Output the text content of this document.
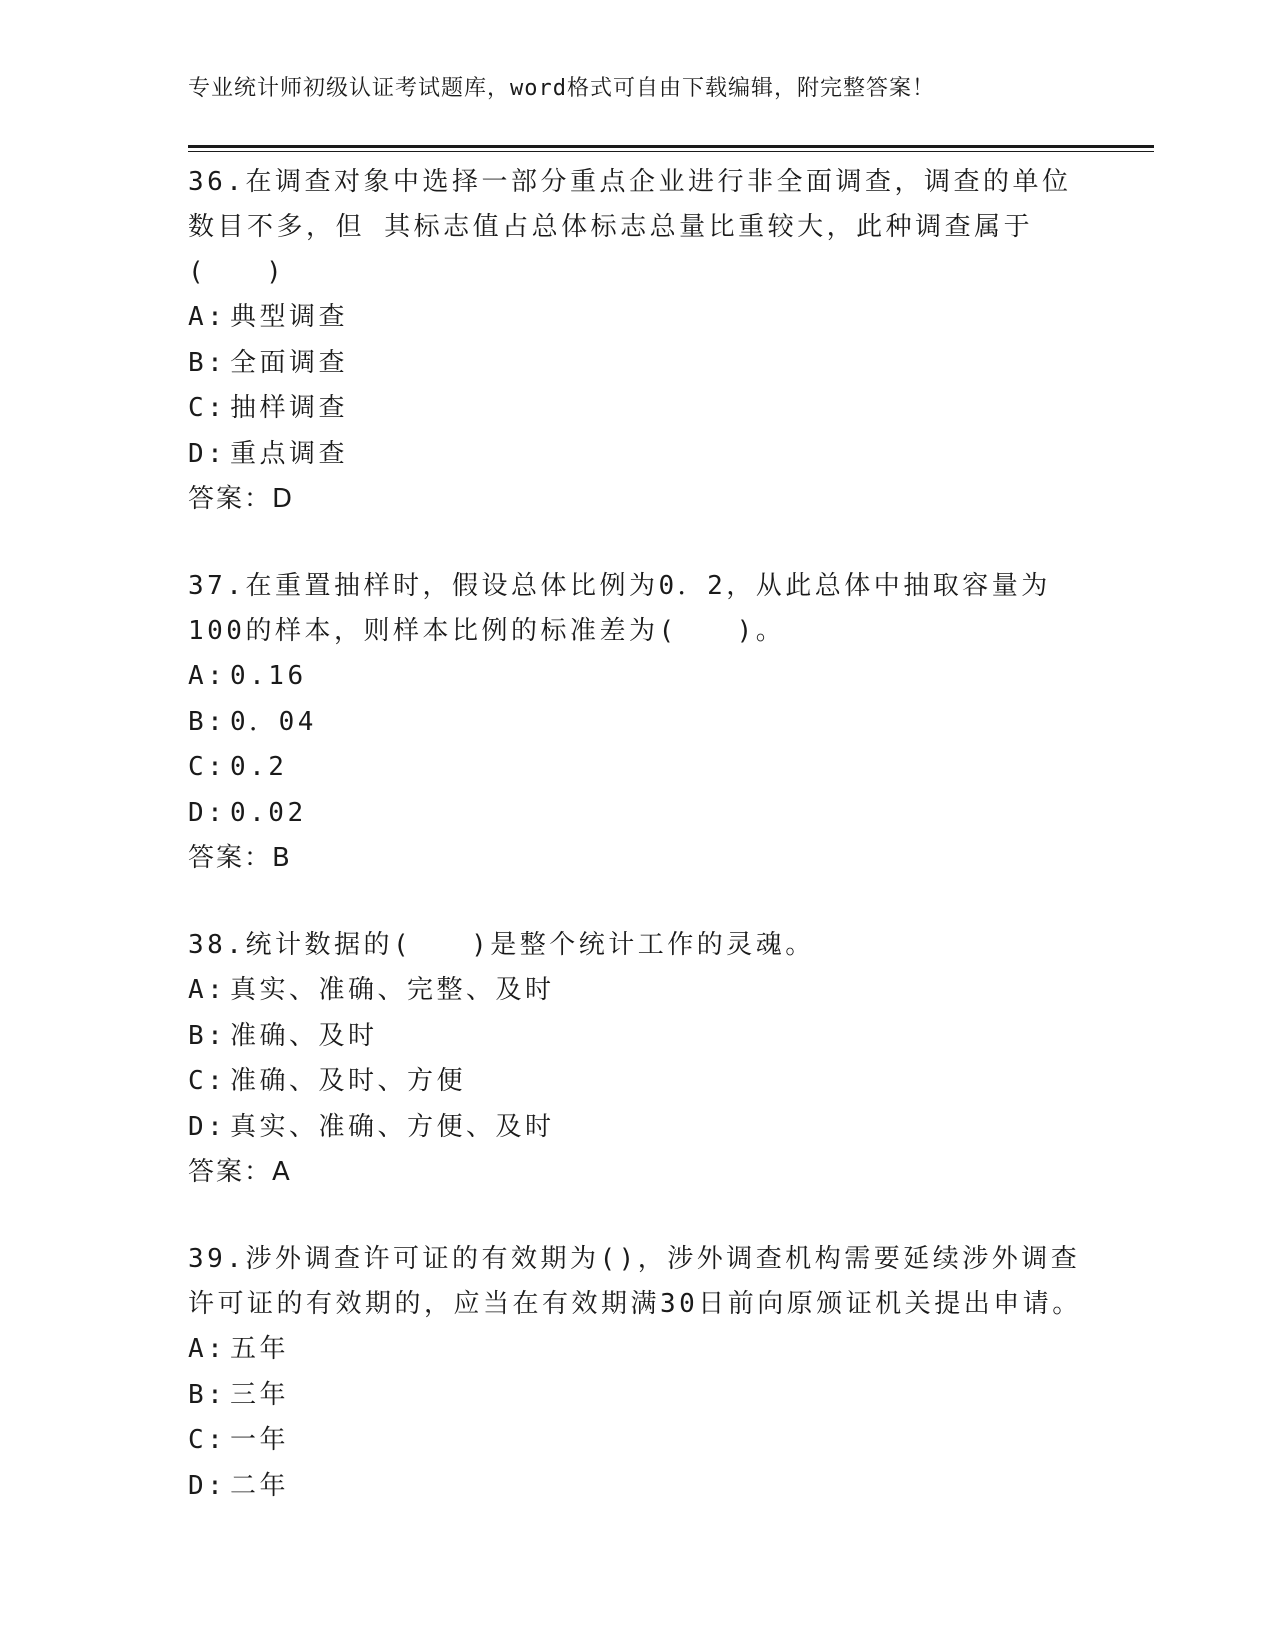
专业统计师初级认证考试题库，word格式可自由下载编辑，附完整答案！

36.在调查对象中选择一部分重点企业进行非全面调查，调查的单位数目不多，但 其标志值占总体标志总量比重较大，此种调查属于(　　)

A: 典型调查

B: 全面调查

C: 抽样调查

D: 重点调查

答案：D

37.在重置抽样时，假设总体比例为0．2，从此总体中抽取容量为100的样本，则样本比例的标准差为(　　)。

A: 0.16

B: 0．04

C: 0.2

D: 0.02

答案：B

38.统计数据的(　　)是整个统计工作的灵魂。

A: 真实、准确、完整、及时

B: 准确、及时

C: 准确、及时、方便

D: 真实、准确、方便、及时

答案：A

39.涉外调查许可证的有效期为()，涉外调查机构需要延续涉外调查许可证的有效期的，应当在有效期满30日前向原颁证机关提出申请。

A: 五年

B: 三年

C: 一年

D: 二年
